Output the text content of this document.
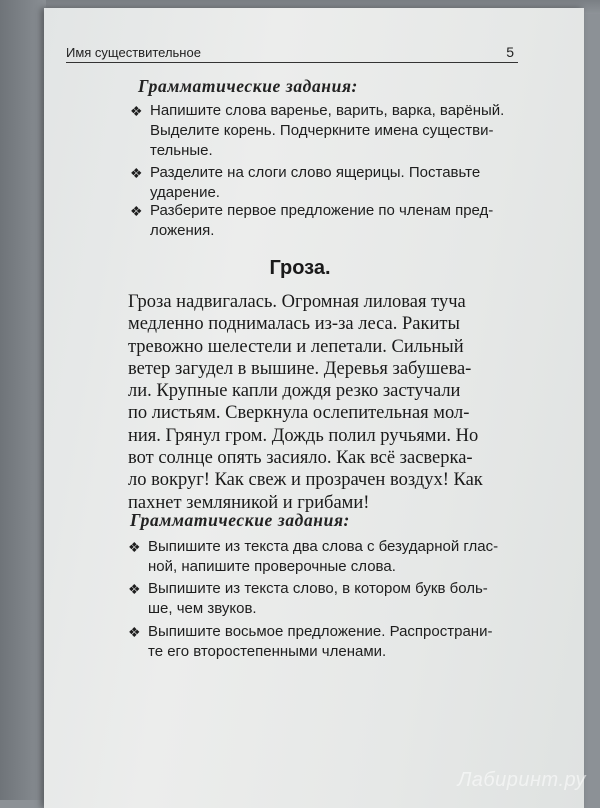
Имя существительное	5
Грамматические задания:
❖ Напишите слова варенье, варить, варка, варёный.
Выделите корень. Подчеркните имена существи-
тельные.
❖ Разделите на слоги слово ящерицы. Поставьте
ударение.
❖ Разберите первое предложение по членам пред-
ложения.
Гроза.
Гроза надвигалась. Огромная лиловая туча
медленно поднималась из-за леса. Ракиты
тревожно шелестели и лепетали. Сильный
ветер загудел в вышине. Деревья забушева-
ли. Крупные капли дождя резко застучали
по листьям. Сверкнула ослепительная мол-
ния. Грянул гром. Дождь полил ручьями. Но
вот солнце опять засияло. Как всё засверка-
ло вокруг! Как свеж и прозрачен воздух! Как
пахнет земляникой и грибами!
Грамматические задания:
❖ Выпишите из текста два слова с безударной глас-
ной, напишите проверочные слова.
❖ Выпишите из текста слово, в котором букв боль-
ше, чем звуков.
❖ Выпишите восьмое предложение. Распространи-
те его второстепенными членами.
Лабиринт.ру
